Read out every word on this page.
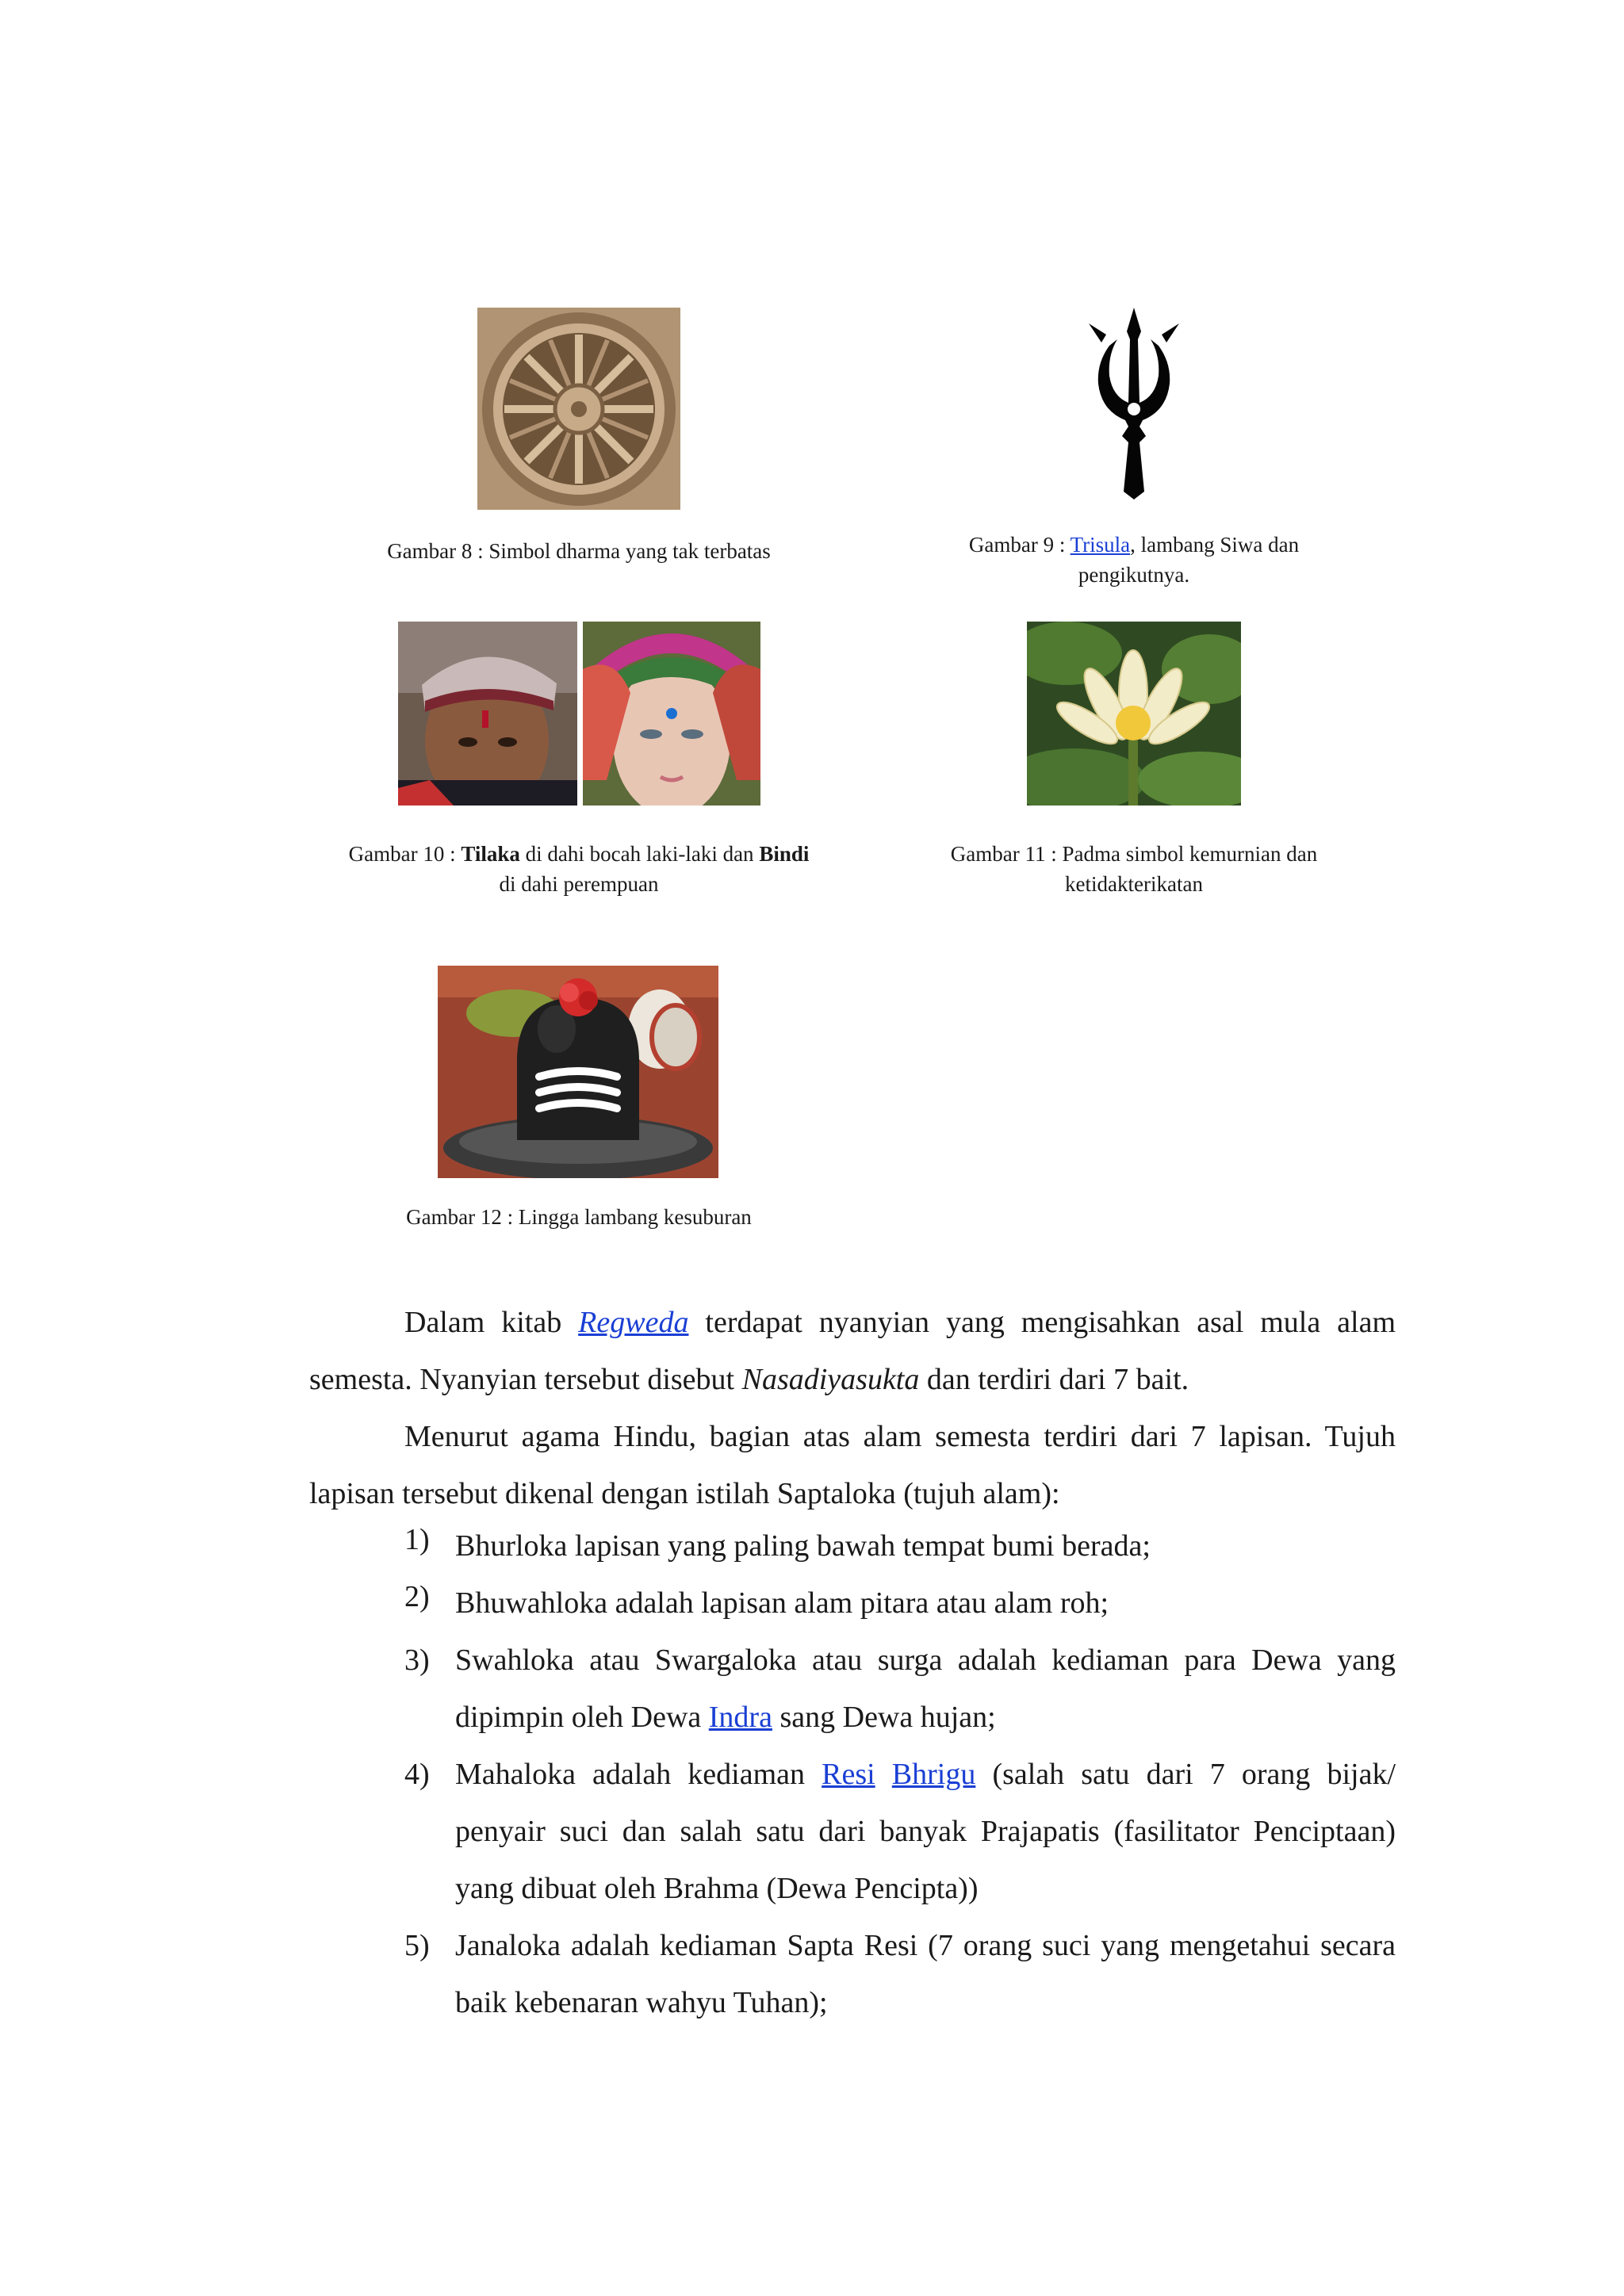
Gambar 8 : Simbol dharma yang tak terbatas	Gambar 9 : Trisula, lambang Siwa dan
pengikutnya.
Gambar 10 : Tilaka di dahi bocah laki-laki dan Bindi
di dahi perempuan
Gambar 11 : Padma simbol kemurnian dan
ketidakterikatan
Gambar 12 : Lingga lambang kesuburan
Dalam kitab Regweda terdapat nyanyian yang mengisahkan asal mula alam semesta. Nyanyian tersebut disebut Nasadiyasukta dan terdiri dari 7 bait.
Menurut agama Hindu, bagian atas alam semesta terdiri dari 7 lapisan. Tujuh lapisan tersebut dikenal dengan istilah Saptaloka (tujuh alam):
1) Bhurloka lapisan yang paling bawah tempat bumi berada;
2) Bhuwahloka adalah lapisan alam pitara atau alam roh;
3) Swahloka atau Swargaloka atau surga adalah kediaman para Dewa yang dipimpin oleh Dewa Indra sang Dewa hujan;
4) Mahaloka adalah kediaman Resi Bhrigu (salah satu dari 7 orang bijak/ penyair suci dan salah satu dari banyak Prajapatis (fasilitator Penciptaan) yang dibuat oleh Brahma (Dewa Pencipta))
5) Janaloka adalah kediaman Sapta Resi (7 orang suci yang mengetahui secara baik kebenaran wahyu Tuhan);
